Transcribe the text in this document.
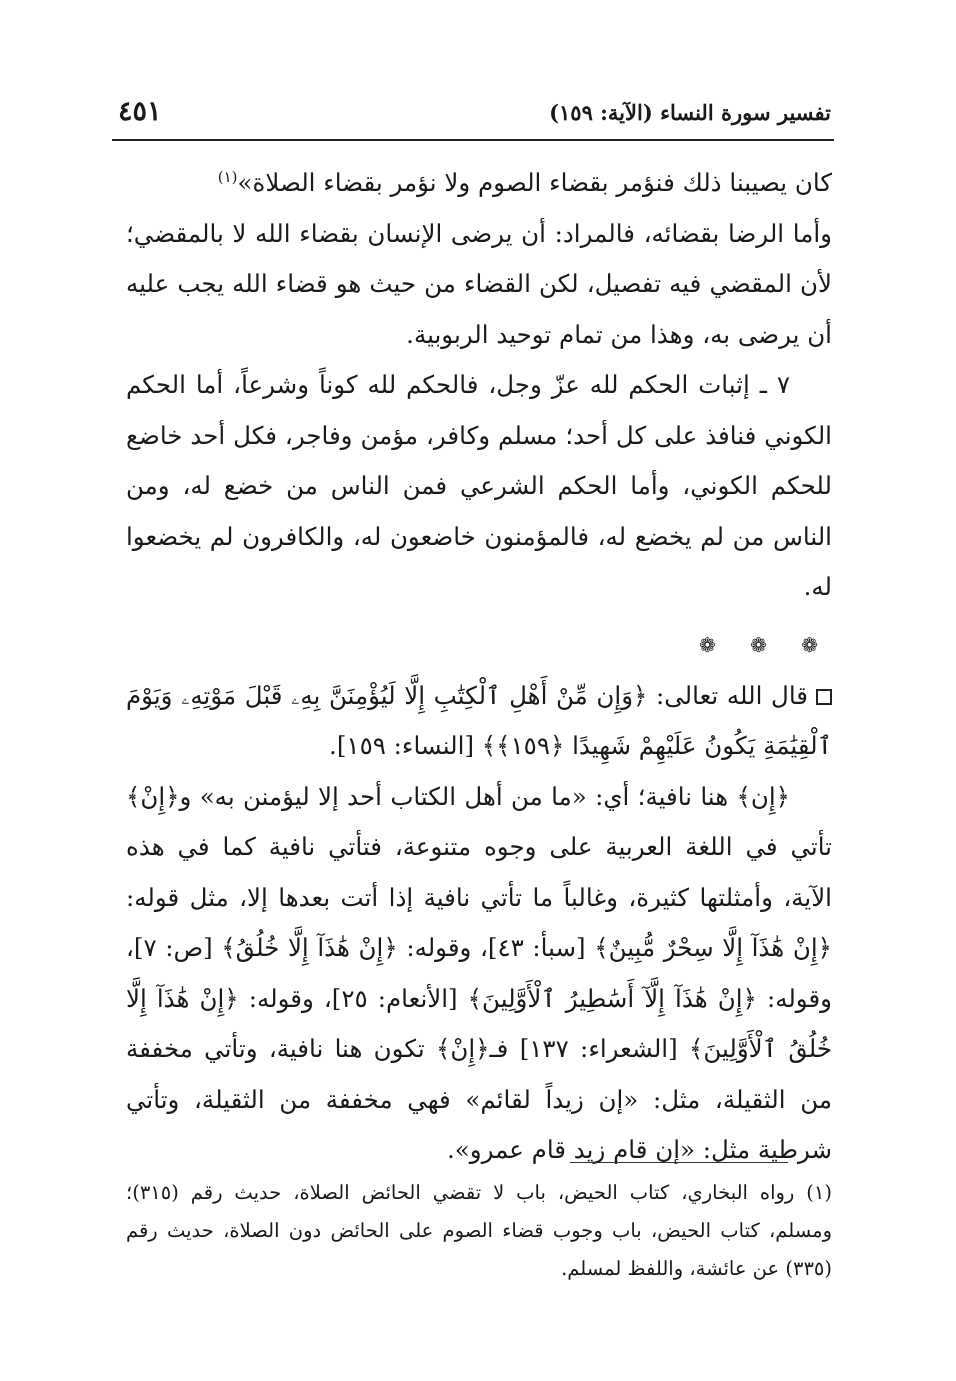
تفسير سورة النساء (الآية: ١٥٩)
٤٥١

كان يصيبنا ذلك فنؤمر بقضاء الصوم ولا نؤمر بقضاء الصلاة»$^{(١)}$

وأما الرضا بقضائه، فالمراد: أن يرضى الإنسان بقضاء الله لا بالمقضي؛ لأن المقضي فيه تفصيل، لكن القضاء من حيث هو قضاء الله يجب عليه أن يرضى به، وهذا من تمام توحيد الربوبية.

٧ ـ إثبات الحكم لله عزّ وجل، فالحكم لله كوناً وشرعاً، أما الحكم الكوني فنافذ على كل أحد؛ مسلم وكافر، مؤمن وفاجر، فكل أحد خاضع للحكم الكوني، وأما الحكم الشرعي فمن الناس من خضع له، ومن الناس من لم يخضع له، فالمؤمنون خاضعون له، والكافرون لم يخضعوا له.

❁ ❁ ❁

قال الله تعالى: ﴿وَإِن مِّنْ أَهْلِ ٱلْكِتَٰبِ إِلَّا لَيُؤْمِنَنَّ بِهِۦ قَبْلَ مَوْتِهِۦ وَيَوْمَ ٱلْقِيَٰمَةِ يَكُونُ عَلَيْهِمْ شَهِيدًا ﴿١٥٩﴾﴾ [النساء: ١٥٩].

﴿إِن﴾ هنا نافية؛ أي: «ما من أهل الكتاب أحد إلا ليؤمنن به» و﴿إِنْ﴾ تأتي في اللغة العربية على وجوه متنوعة، فتأتي نافية كما في هذه الآية، وأمثلتها كثيرة، وغالباً ما تأتي نافية إذا أتت بعدها إلا، مثل قوله: ﴿إِنْ هَٰذَآ إِلَّا سِحْرٌ مُّبِينٌ﴾ [سبأ: ٤٣]، وقوله: ﴿إِنْ هَٰذَآ إِلَّا خُلُقُ﴾ [ص: ٧]، وقوله: ﴿إِنْ هَٰذَآ إِلَّآ أَسَٰطِيرُ ٱلْأَوَّلِينَ﴾ [الأنعام: ٢٥]، وقوله: ﴿إِنْ هَٰذَآ إِلَّا خُلُقُ ٱلْأَوَّلِينَ﴾ [الشعراء: ١٣٧] فـ﴿إِنْ﴾ تكون هنا نافية، وتأتي مخففة من الثقيلة، مثل: «إن زيداً لقائم» فهي مخففة من الثقيلة، وتأتي شرطية مثل: «إن قام زيد قام عمرو».

(١) رواه البخاري، كتاب الحيض، باب لا تقضي الحائض الصلاة، حديث رقم (٣١٥)؛ ومسلم، كتاب الحيض، باب وجوب قضاء الصوم على الحائض دون الصلاة، حديث رقم (٣٣٥) عن عائشة، واللفظ لمسلم.
